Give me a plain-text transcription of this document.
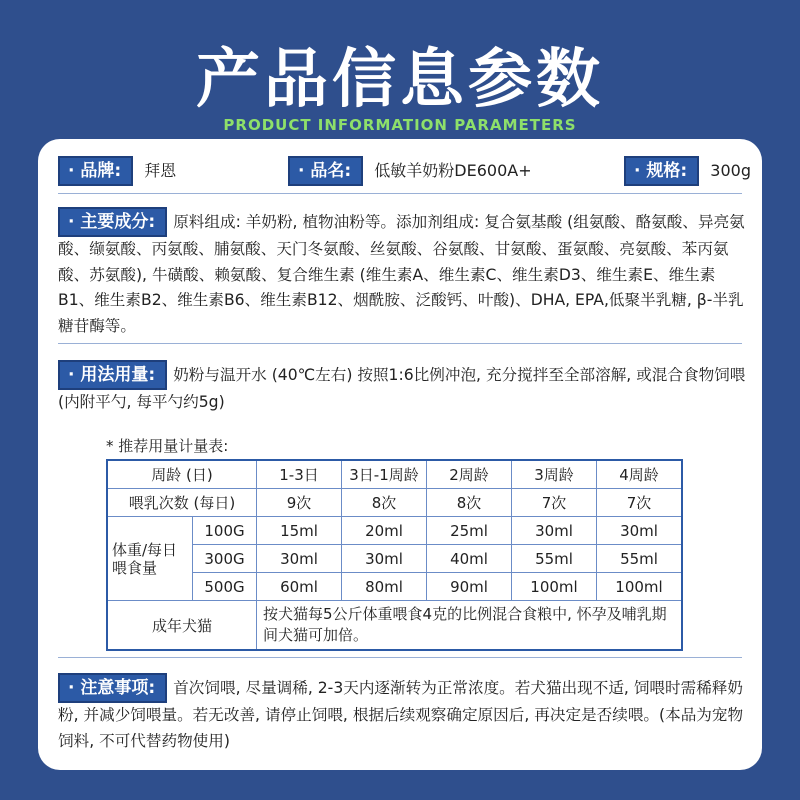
产品信息参数
PRODUCT INFORMATION PARAMETERS
· 品牌: 拜恩	· 品名: 低敏羊奶粉DE600A+	· 规格: 300g
· 主要成分: 原料组成: 羊奶粉, 植物油粉等。添加剂组成: 复合氨基酸 (组氨酸、酪氨酸、异亮氨酸、缬氨酸、丙氨酸、脯氨酸、天门冬氨酸、丝氨酸、谷氨酸、甘氨酸、蛋氨酸、亮氨酸、苯丙氨酸、苏氨酸), 牛磺酸、赖氨酸、复合维生素 (维生素A、维生素C、维生素D3、维生素E、维生素B1、维生素B2、维生素B6、维生素B12、烟酰胺、泛酸钙、叶酸)、DHA, EPA,低聚半乳糖, β-半乳糖苷酶等。
· 用法用量: 奶粉与温开水 (40℃左右) 按照1:6比例冲泡, 充分搅拌至全部溶解, 或混合食物饲喂 (内附平勺, 每平勺约5g)
* 推荐用量计量表:
周龄 (日)		1-3日	3日-1周龄	2周龄	3周龄	4周龄
喂乳次数 (每日)		9次	8次	8次	7次	7次
体重/每日喂食量	100G	15ml	20ml	25ml	30ml	30ml
	300G	30ml	30ml	40ml	55ml	55ml
	500G	60ml	80ml	90ml	100ml	100ml
成年犬猫		按犬猫每5公斤体重喂食4克的比例混合食粮中, 怀孕及哺乳期间犬猫可加倍。				
· 注意事项: 首次饲喂, 尽量调稀, 2-3天内逐渐转为正常浓度。若犬猫出现不适, 饲喂时需稀释奶粉, 并减少饲喂量。若无改善, 请停止饲喂, 根据后续观察确定原因后, 再决定是否续喂。(本品为宠物饲料, 不可代替药物使用)
